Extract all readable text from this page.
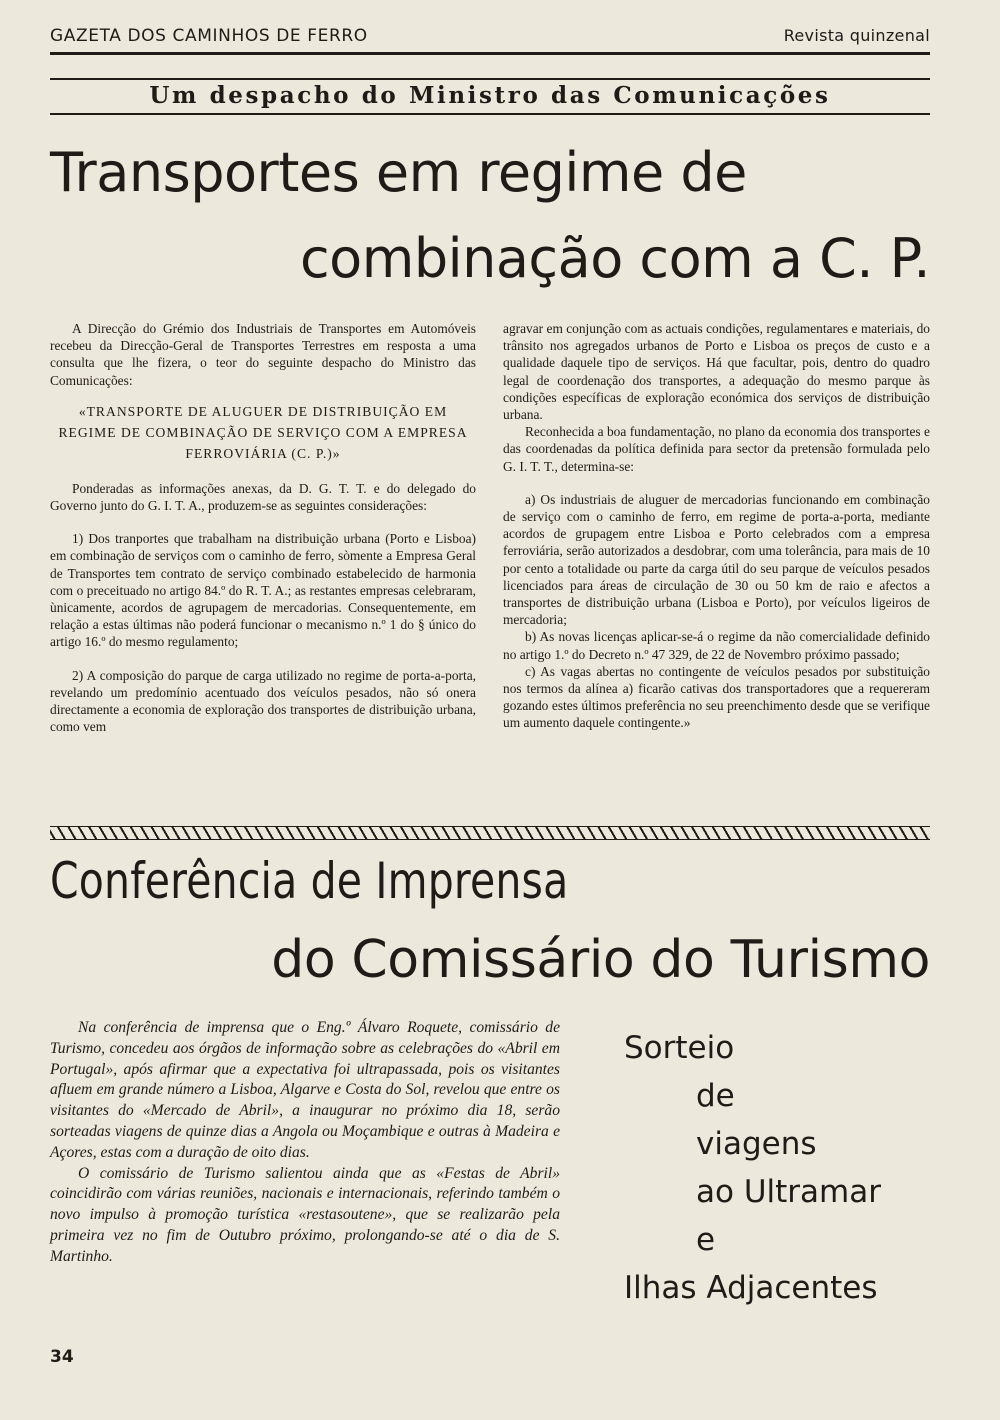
GAZETA DOS CAMINHOS DE FERRO	Revista quinzenal
Um despacho do Ministro das Comunicações
Transportes em regime de
combinação com a C. P.

A Direcção do Grémio dos Industriais de Transportes em Automóveis recebeu da Direcção-Geral de Transportes Terrestres em resposta a uma consulta que lhe fizera, o teor do seguinte despacho do Ministro das Comunicações:

«TRANSPORTE DE ALUGUER DE DISTRIBUIÇÃO EM REGIME DE COMBINAÇÃO DE SERVIÇO COM A EMPRESA FERROVIÁRIA (C. P.)»

Ponderadas as informações anexas, da D. G. T. T. e do delegado do Governo junto do G. I. T. A., produzem-se as seguintes considerações:

1) Dos tranportes que trabalham na distribuição urbana (Porto e Lisboa) em combinação de serviços com o caminho de ferro, sòmente a Empresa Geral de Transportes tem contrato de serviço combinado estabelecido de harmonia com o preceituado no artigo 84.º do R. T. A.; as restantes empresas celebraram, ùnicamente, acordos de agrupagem de mercadorias. Consequentemente, em relação a estas últimas não poderá funcionar o mecanismo n.º 1 do § único do artigo 16.º do mesmo regulamento;

2) A composição do parque de carga utilizado no regime de porta-a-porta, revelando um predomínio acentuado dos veículos pesados, não só onera directamente a economia de exploração dos transportes de distribuição urbana, como vem

agravar em conjunção com as actuais condições, regulamentares e materiais, do trânsito nos agregados urbanos de Porto e Lisboa os preços de custo e a qualidade daquele tipo de serviços. Há que facultar, pois, dentro do quadro legal de coordenação dos transportes, a adequação do mesmo parque às condições específicas de exploração económica dos serviços de distribuição urbana.

Reconhecida a boa fundamentação, no plano da economia dos transportes e das coordenadas da política definida para sector da pretensão formulada pelo G. I. T. T., determina-se:

a) Os industriais de aluguer de mercadorias funcionando em combinação de serviço com o caminho de ferro, em regime de porta-a-porta, mediante acordos de grupagem entre Lisboa e Porto celebrados com a empresa ferroviária, serão autorizados a desdobrar, com uma tolerância, para mais de 10 por cento a totalidade ou parte da carga útil do seu parque de veículos pesados licenciados para áreas de circulação de 30 ou 50 km de raio e afectos a transportes de distribuição urbana (Lisboa e Porto), por veículos ligeiros de mercadoria;

b) As novas licenças aplicar-se-á o regime da não comercialidade definido no artigo 1.º do Decreto n.º 47 329, de 22 de Novembro próximo passado;

c) As vagas abertas no contingente de veículos pesados por substituição nos termos da alínea a) ficarão cativas dos transportadores que a requereram gozando estes últimos preferência no seu preenchimento desde que se verifique um aumento daquele contingente.»

Conferência de Imprensa
do Comissário do Turismo

Na conferência de imprensa que o Eng.º Álvaro Roquete, comissário de Turismo, concedeu aos órgãos de informação sobre as celebrações do «Abril em Portugal», após afirmar que a expectativa foi ultrapassada, pois os visitantes afluem em grande número a Lisboa, Algarve e Costa do Sol, revelou que entre os visitantes do «Mercado de Abril», a inaugurar no próximo dia 18, serão sorteadas viagens de quinze dias a Angola ou Moçambique e outras à Madeira e Açores, estas com a duração de oito dias.

O comissário de Turismo salientou ainda que as «Festas de Abril» coincidirão com várias reuniões, nacionais e internacionais, referindo também o novo impulso à promoção turística «restasoutene», que se realizarão pela primeira vez no fim de Outubro próximo, prolongando-se até o dia de S. Martinho.

Sorteio
de
viagens
ao Ultramar
e
Ilhas Adjacentes
34
